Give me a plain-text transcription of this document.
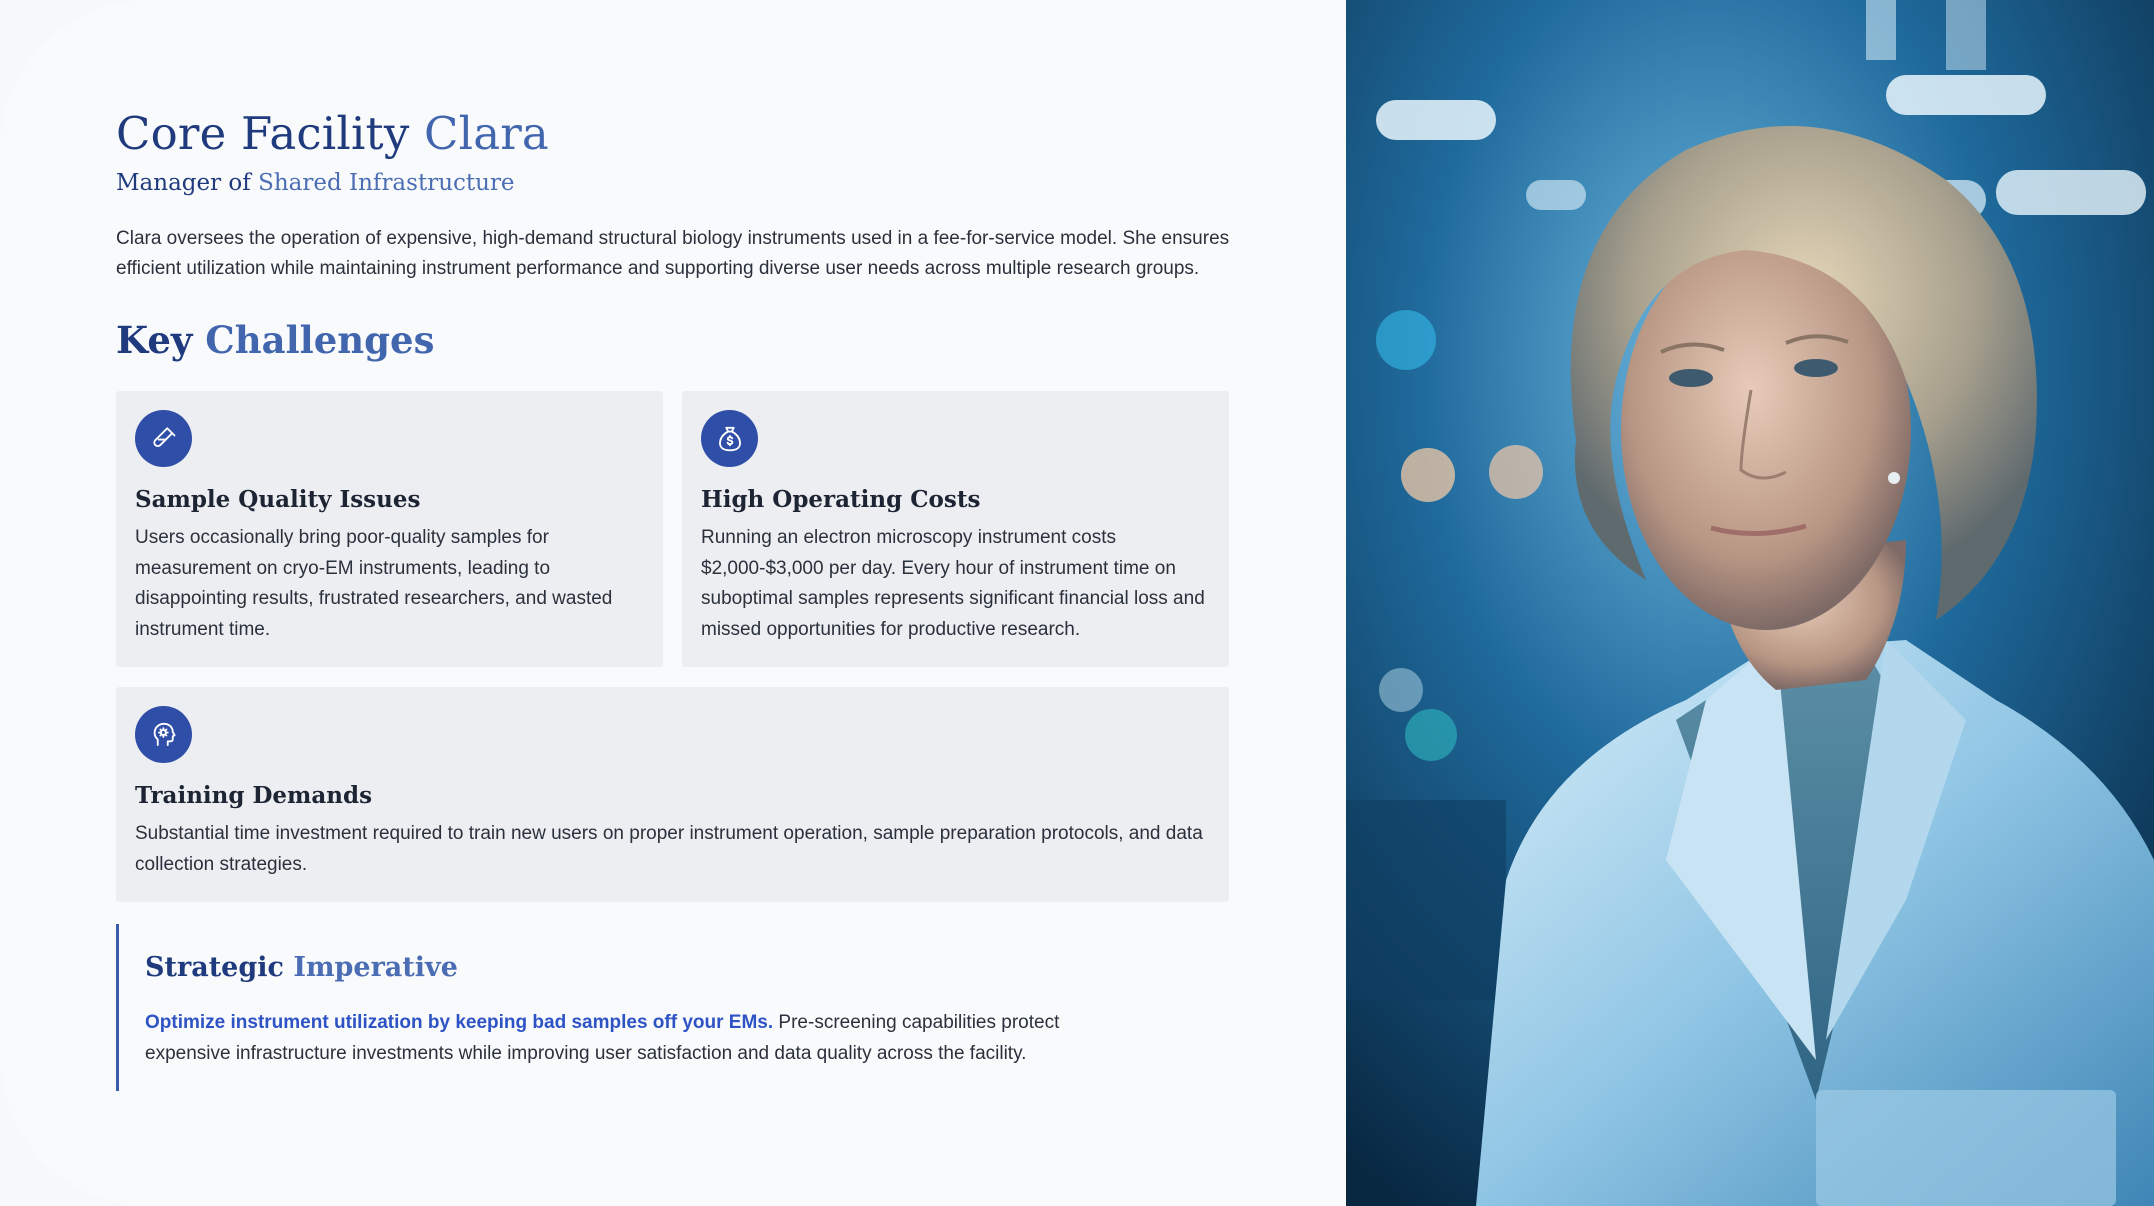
Core Facility Clara
Manager of Shared Infrastructure

Clara oversees the operation of expensive, high-demand structural biology instruments used in a fee-for-service model. She ensures efficient utilization while maintaining instrument performance and supporting diverse user needs across multiple research groups.

Key Challenges
Sample Quality Issues

Users occasionally bring poor-quality samples for measurement on cryo-EM instruments, leading to disappointing results, frustrated researchers, and wasted instrument time.

High Operating Costs

Running an electron microscopy instrument costs $2,000-$3,000 per day. Every hour of instrument time on suboptimal samples represents significant financial loss and missed opportunities for productive research.

Training Demands

Substantial time investment required to train new users on proper instrument operation, sample preparation protocols, and data collection strategies.

Strategic Imperative

Optimize instrument utilization by keeping bad samples off your EMs. Pre-screening capabilities protect expensive infrastructure investments while improving user satisfaction and data quality across the facility.
